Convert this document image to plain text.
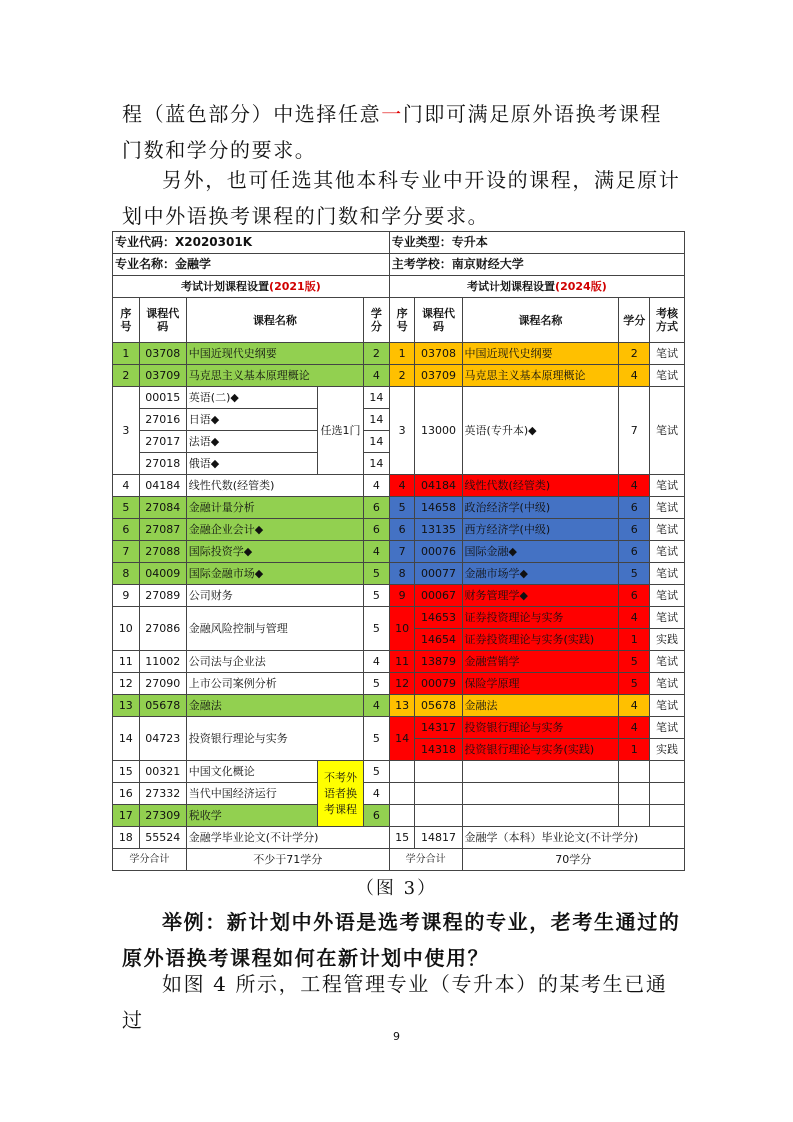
程（蓝色部分）中选择任意一门即可满足原外语换考课程门数和学分的要求。

另外，也可任选其他本科专业中开设的课程，满足原计划中外语换考课程的门数和学分要求。

专业代码：X2020301K					专业类型：专升本				
专业名称：金融学					主考学校：南京财经大学				
考试计划课程设置(2021版)					考试计划课程设置(2024版)				
序号	课程代码	课程名称		学分	序号	课程代码	课程名称	学分	考核方式
1	03708	中国近现代史纲要		2	1	03708	中国近现代史纲要	2	笔试
2	03709	马克思主义基本原理概论		4	2	03709	马克思主义基本原理概论	4	笔试
3	00015	英语(二)◆	任选1门	14	3	13000	英语(专升本)◆	7	笔试
	27016	日语◆		14					
	27017	法语◆		14					
	27018	俄语◆		14					
4	04184	线性代数(经管类)		4	4	04184	线性代数(经管类)	4	笔试
5	27084	金融计量分析		6	5	14658	政治经济学(中级)	6	笔试
6	27087	金融企业会计◆		6	6	13135	西方经济学(中级)	6	笔试
7	27088	国际投资学◆		4	7	00076	国际金融◆	6	笔试
8	04009	国际金融市场◆		5	8	00077	金融市场学◆	5	笔试
9	27089	公司财务		5	9	00067	财务管理学◆	6	笔试
10	27086	金融风险控制与管理		5	10	14653	证券投资理论与实务	4	笔试
						14654	证券投资理论与实务(实践)	1	实践
11	11002	公司法与企业法		4	11	13879	金融营销学	5	笔试
12	27090	上市公司案例分析		5	12	00079	保险学原理	5	笔试
13	05678	金融法		4	13	05678	金融法	4	笔试
14	04723	投资银行理论与实务		5	14	14317	投资银行理论与实务	4	笔试
						14318	投资银行理论与实务(实践)	1	实践
15	00321	中国文化概论	不考外语者换考课程	5					
16	27332	当代中国经济运行		4					
17	27309	税收学		6					
18	55524	金融学毕业论文(不计学分)			15	14817	金融学（本科）毕业论文(不计学分)		
学分合计		不少于71学分			学分合计		70学分		
（图 3）

举例：新计划中外语是选考课程的专业，老考生通过的原外语换考课程如何在新计划中使用？

如图 4 所示，工程管理专业（专升本）的某考生已通过

9
